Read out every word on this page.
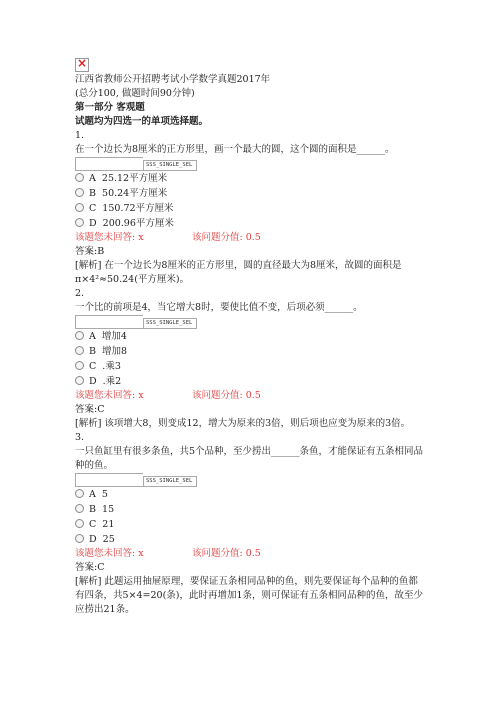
×
江西省教师公开招聘考试小学数学真题2017年
(总分100, 做题时间90分钟)
第一部分 客观题
试题均为四选一的单项选择题。
1.
在一个边长为8厘米的正方形里，画一个最大的圆，这个圆的面积是______。
SSS_SINGLE_SEL
A  25.12平方厘米
B  50.24平方厘米
C  150.72平方厘米
D  200.96平方厘米
该题您未回答: х	该问题分值: 0.5
答案:B
[解析] 在一个边长为8厘米的正方形里，圆的直径最大为8厘米，故圆的面积是 π×4²≈50.24(平方厘米)。
2.
一个比的前项是4，当它增大8时，要使比值不变，后项必须______。
SSS_SINGLE_SEL
A  增加4
B  增加8
C  .乘3
D  .乘2
该题您未回答: х	该问题分值: 0.5
答案:C
[解析] 该项增大8，则变成12，增大为原来的3倍，则后项也应变为原来的3倍。
3.
一只鱼缸里有很多条鱼，共5个品种，至少捞出______条鱼，才能保证有五条相同品种的鱼。
SSS_SINGLE_SEL
A  5
B  15
C  21
D  25
该题您未回答: х	该问题分值: 0.5
答案:C
[解析] 此题运用抽屉原理，要保证五条相同品种的鱼，则先要保证每个品种的鱼都有四条，共5×4=20(条)，此时再增加1条，则可保证有五条相同品种的鱼，故至少应捞出21条。
